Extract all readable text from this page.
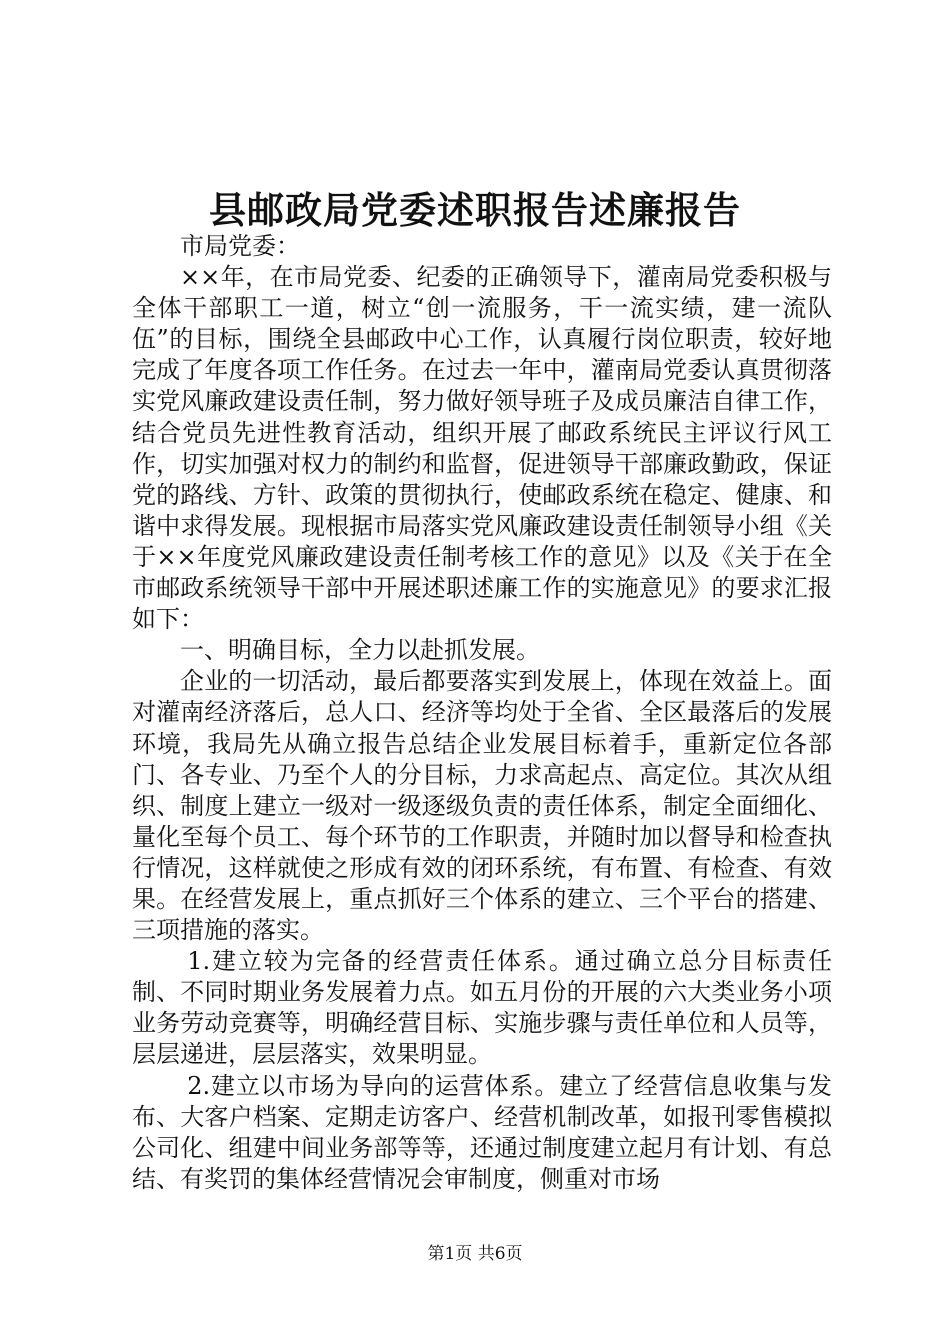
县邮政局党委述职报告述廉报告

市局党委：

××年，在市局党委、纪委的正确领导下，灌南局党委积极与全体干部职工一道，树立“创一流服务，干一流实绩，建一流队伍”的目标，围绕全县邮政中心工作，认真履行岗位职责，较好地完成了年度各项工作任务。在过去一年中，灌南局党委认真贯彻落实党风廉政建设责任制，努力做好领导班子及成员廉洁自律工作，结合党员先进性教育活动，组织开展了邮政系统民主评议行风工作，切实加强对权力的制约和监督，促进领导干部廉政勤政，保证党的路线、方针、政策的贯彻执行，使邮政系统在稳定、健康、和谐中求得发展。现根据市局落实党风廉政建设责任制领导小组《关于××年度党风廉政建设责任制考核工作的意见》以及《关于在全市邮政系统领导干部中开展述职述廉工作的实施意见》的要求汇报如下：

一、明确目标，全力以赴抓发展。

企业的一切活动，最后都要落实到发展上，体现在效益上。面对灌南经济落后，总人口、经济等均处于全省、全区最落后的发展环境，我局先从确立报告总结企业发展目标着手，重新定位各部门、各专业、乃至个人的分目标，力求高起点、高定位。其次从组织、制度上建立一级对一级逐级负责的责任体系，制定全面细化、量化至每个员工、每个环节的工作职责，并随时加以督导和检查执行情况，这样就使之形成有效的闭环系统，有布置、有检查、有效果。在经营发展上，重点抓好三个体系的建立、三个平台的搭建、三项措施的落实。

1.建立较为完备的经营责任体系。通过确立总分目标责任制、不同时期业务发展着力点。如五月份的开展的六大类业务小项业务劳动竞赛等，明确经营目标、实施步骤与责任单位和人员等，层层递进，层层落实，效果明显。

2.建立以市场为导向的运营体系。建立了经营信息收集与发布、大客户档案、定期走访客户、经营机制改革，如报刊零售模拟公司化、组建中间业务部等等，还通过制度建立起月有计划、有总结、有奖罚的集体经营情况会审制度，侧重对市场

第1页 共6页
